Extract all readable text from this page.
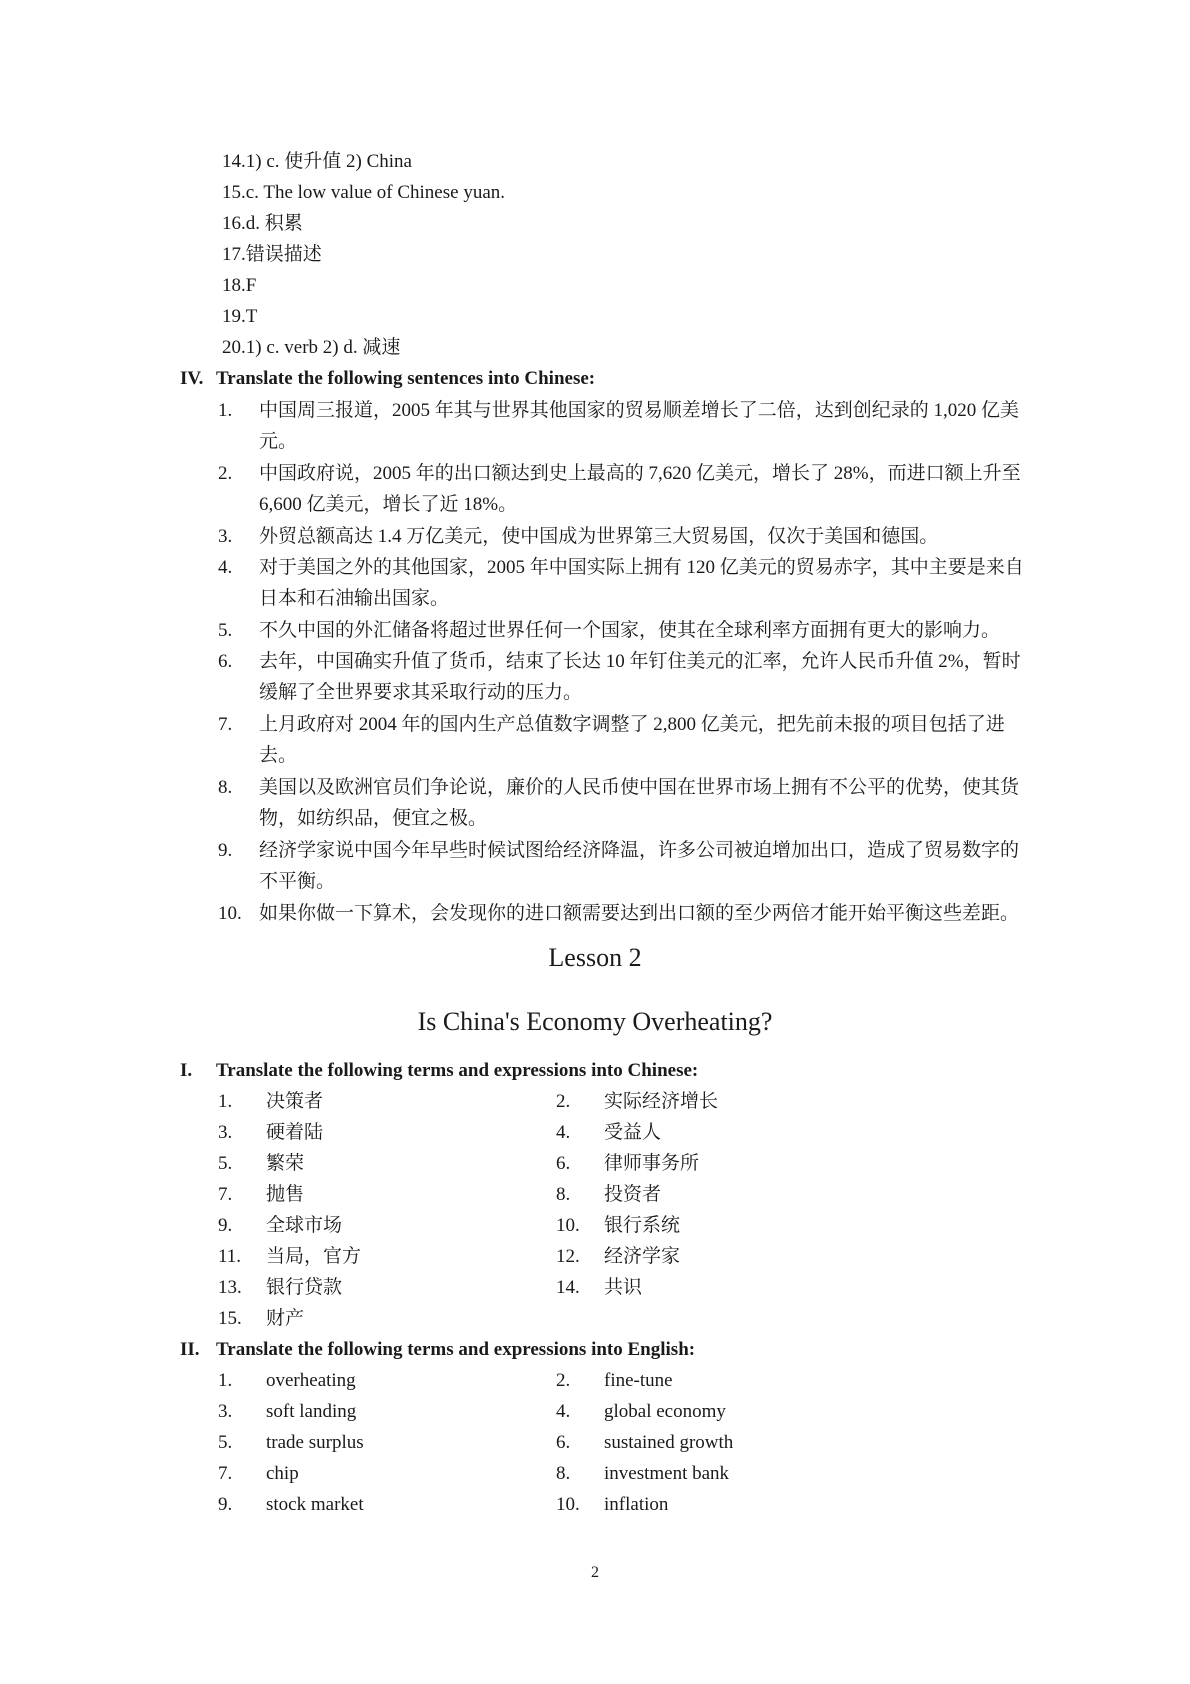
14.1) c. 使升值 2) China
15.c. The low value of Chinese yuan.
16.d. 积累
17.错误描述
18.F
19.T
20.1) c. verb 2) d. 减速
IV. Translate the following sentences into Chinese:
1.	中国周三报道，2005 年其与世界其他国家的贸易顺差增长了二倍，达到创纪录的 1,020 亿美元。
2.	中国政府说，2005 年的出口额达到史上最高的 7,620 亿美元，增长了 28%，而进口额上升至 6,600 亿美元，增长了近 18%。
3.	外贸总额高达 1.4 万亿美元，使中国成为世界第三大贸易国，仅次于美国和德国。
4.	对于美国之外的其他国家，2005 年中国实际上拥有 120 亿美元的贸易赤字，其中主要是来自日本和石油输出国家。
5.	不久中国的外汇储备将超过世界任何一个国家，使其在全球利率方面拥有更大的影响力。
6.	去年，中国确实升值了货币，结束了长达 10 年钉住美元的汇率，允许人民币升值 2%，暂时缓解了全世界要求其采取行动的压力。
7.	上月政府对 2004 年的国内生产总值数字调整了 2,800 亿美元，把先前未报的项目包括了进去。
8.	美国以及欧洲官员们争论说，廉价的人民币使中国在世界市场上拥有不公平的优势，使其货物，如纺织品，便宜之极。
9.	经济学家说中国今年早些时候试图给经济降温，许多公司被迫增加出口，造成了贸易数字的不平衡。
10. 如果你做一下算术，会发现你的进口额需要达到出口额的至少两倍才能开始平衡这些差距。
Lesson 2
Is China's Economy Overheating?
I. Translate the following terms and expressions into Chinese:
1. 决策者	2. 实际经济增长
3. 硬着陆	4. 受益人
5. 繁荣	6. 律师事务所
7. 抛售	8. 投资者
9. 全球市场	10. 银行系统
11. 当局，官方	12. 经济学家
13. 银行贷款	14. 共识
15. 财产
II. Translate the following terms and expressions into English:
1. overheating	2. fine-tune
3. soft landing	4. global economy
5. trade surplus	6. sustained growth
7. chip	8. investment bank
9. stock market	10. inflation
2
